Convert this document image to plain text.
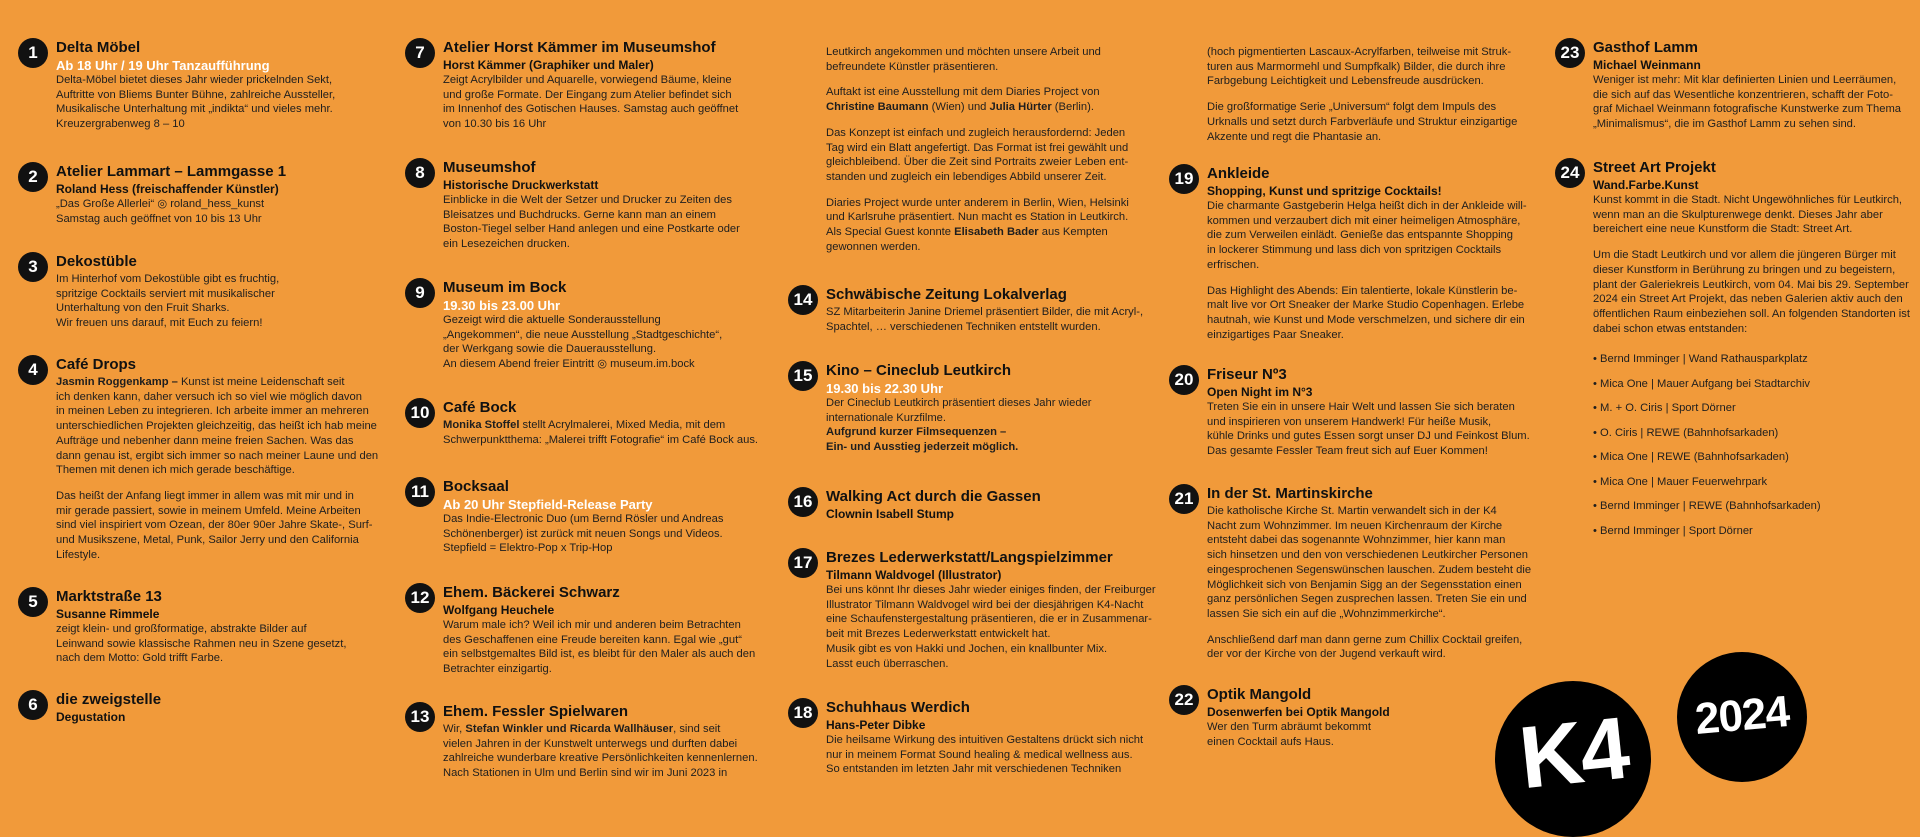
1	Delta Möbel
Ab 18 Uhr / 19 Uhr Tanzaufführung
Delta-Möbel bietet dieses Jahr wieder prickelnden Sekt,
Auftritte von Bliems Bunter Bühne, zahlreiche Aussteller,
Musikalische Unterhaltung mit „indikta“ und vieles mehr.
Kreuzergrabenweg 8 – 10
2	Atelier Lammart – Lammgasse 1
Roland Hess (freischaffender Künstler)
„Das Große Allerlei“ ◎ roland_hess_kunst
Samstag auch geöffnet von 10 bis 13 Uhr
3	Dekostüble
Im Hinterhof vom Dekostüble gibt es fruchtig,
spritzige Cocktails serviert mit musikalischer
Unterhaltung von den Fruit Sharks.
Wir freuen uns darauf, mit Euch zu feiern!
4	Café Drops
Jasmin Roggenkamp – Kunst ist meine Leidenschaft seit
ich denken kann, daher versuch ich so viel wie möglich davon
in meinen Leben zu integrieren. Ich arbeite immer an mehreren
unterschiedlichen Projekten gleichzeitig, das heißt ich hab meine
Aufträge und nebenher dann meine freien Sachen. Was das
dann genau ist, ergibt sich immer so nach meiner Laune und den
Themen mit denen ich mich gerade beschäftige.
Das heißt der Anfang liegt immer in allem was mit mir und in
mir gerade passiert, sowie in meinem Umfeld. Meine Arbeiten
sind viel inspiriert vom Ozean, der 80er 90er Jahre Skate-, Surf-
und Musikszene, Metal, Punk, Sailor Jerry und den California
Lifestyle.
5	Marktstraße 13
Susanne Rimmele
zeigt klein- und großformatige, abstrakte Bilder auf
Leinwand sowie klassische Rahmen neu in Szene gesetzt,
nach dem Motto: Gold trifft Farbe.
6	die zweigstelle
Degustation
7	Atelier Horst Kämmer im Museumshof
Horst Kämmer (Graphiker und Maler)
Zeigt Acrylbilder und Aquarelle, vorwiegend Bäume, kleine
und große Formate. Der Eingang zum Atelier befindet sich
im Innenhof des Gotischen Hauses. Samstag auch geöffnet
von 10.30 bis 16 Uhr
8	Museumshof
Historische Druckwerkstatt
Einblicke in die Welt der Setzer und Drucker zu Zeiten des
Bleisatzes und Buchdrucks. Gerne kann man an einem
Boston-Tiegel selber Hand anlegen und eine Postkarte oder
ein Lesezeichen drucken.
9	Museum im Bock
19.30 bis 23.00 Uhr
Gezeigt wird die aktuelle Sonderausstellung
„Angekommen“, die neue Ausstellung „Stadtgeschichte“,
der Werkgang sowie die Dauerausstellung.
An diesem Abend freier Eintritt ◎ museum.im.bock
10 Café Bock
Monika Stoffel stellt Acrylmalerei, Mixed Media, mit dem
Schwerpunktthema: „Malerei trifft Fotografie“ im Café Bock aus.
11 Bocksaal
Ab 20 Uhr Stepfield-Release Party
Das Indie-Electronic Duo (um Bernd Rösler und Andreas
Schönenberger) ist zurück mit neuen Songs und Videos.
Stepfield = Elektro-Pop x Trip-Hop
12 Ehem. Bäckerei Schwarz
Wolfgang Heuchele
Warum male ich? Weil ich mir und anderen beim Betrachten
des Geschaffenen eine Freude bereiten kann. Egal wie „gut“
ein selbstgemaltes Bild ist, es bleibt für den Maler als auch den
Betrachter einzigartig.
13 Ehem. Fessler Spielwaren
Wir, Stefan Winkler und Ricarda Wallhäuser, sind seit
vielen Jahren in der Kunstwelt unterwegs und durften dabei
zahlreiche wunderbare kreative Persönlichkeiten kennenlernen.
Nach Stationen in Ulm und Berlin sind wir im Juni 2023 in
Leutkirch angekommen und möchten unsere Arbeit und
befreundete Künstler präsentieren.
Auftakt ist eine Ausstellung mit dem Diaries Project von
Christine Baumann (Wien) und Julia Hürter (Berlin).
Das Konzept ist einfach und zugleich herausfordernd: Jeden
Tag wird ein Blatt angefertigt. Das Format ist frei gewählt und
gleichbleibend. Über die Zeit sind Portraits zweier Leben ent-
standen und zugleich ein lebendiges Abbild unserer Zeit.
Diaries Project wurde unter anderem in Berlin, Wien, Helsinki
und Karlsruhe präsentiert. Nun macht es Station in Leutkirch.
Als Special Guest konnte Elisabeth Bader aus Kempten
gewonnen werden.
14 Schwäbische Zeitung Lokalverlag
SZ Mitarbeiterin Janine Driemel präsentiert Bilder, die mit Acryl-,
Spachtel, … verschiedenen Techniken entstellt wurden.
15 Kino – Cineclub Leutkirch
19.30 bis 22.30 Uhr
Der Cineclub Leutkirch präsentiert dieses Jahr wieder
internationale Kurzfilme.
Aufgrund kurzer Filmsequenzen –
Ein- und Ausstieg jederzeit möglich.
16 Walking Act durch die Gassen
Clownin Isabell Stump
17 Brezes Lederwerkstatt/Langspielzimmer
Tilmann Waldvogel (Illustrator)
Bei uns könnt Ihr dieses Jahr wieder einiges finden, der Freiburger
Illustrator Tilmann Waldvogel wird bei der diesjährigen K4-Nacht
eine Schaufenstergestaltung präsentieren, die er in Zusammenar-
beit mit Brezes Lederwerkstatt entwickelt hat.
Musik gibt es von Hakki und Jochen, ein knallbunter Mix.
Lasst euch überraschen.
18 Schuhhaus Werdich
Hans-Peter Dibke
Die heilsame Wirkung des intuitiven Gestaltens drückt sich nicht
nur in meinem Format Sound healing & medical wellness aus.
So entstanden im letzten Jahr mit verschiedenen Techniken
(hoch pigmentierten Lascaux-Acrylfarben, teilweise mit Struk-
turen aus Marmormehl und Sumpfkalk) Bilder, die durch ihre
Farbgebung Leichtigkeit und Lebensfreude ausdrücken.
Die großformatige Serie „Universum“ folgt dem Impuls des
Urknalls und setzt durch Farbverläufe und Struktur einzigartige
Akzente und regt die Phantasie an.
19 Ankleide
Shopping, Kunst und spritzige Cocktails!
Die charmante Gastgeberin Helga heißt dich in der Ankleide will-
kommen und verzaubert dich mit einer heimeligen Atmosphäre,
die zum Verweilen einlädt. Genieße das entspannte Shopping
in lockerer Stimmung und lass dich von spritzigen Cocktails
erfrischen.
Das Highlight des Abends: Ein talentierte, lokale Künstlerin be-
malt live vor Ort Sneaker der Marke Studio Copenhagen. Erlebe
hautnah, wie Kunst und Mode verschmelzen, und sichere dir ein
einzigartiges Paar Sneaker.
20 Friseur Nº3
Open Night im N°3
Treten Sie ein in unsere Hair Welt und lassen Sie sich beraten
und inspirieren von unserem Handwerk! Für heiße Musik,
kühle Drinks und gutes Essen sorgt unser DJ und Feinkost Blum.
Das gesamte Fessler Team freut sich auf Euer Kommen!
21 In der St. Martinskirche
Die katholische Kirche St. Martin verwandelt sich in der K4
Nacht zum Wohnzimmer. Im neuen Kirchenraum der Kirche
entsteht dabei das sogenannte Wohnzimmer, hier kann man
sich hinsetzen und den von verschiedenen Leutkircher Personen
eingesprochenen Segenswünschen lauschen. Zudem besteht die
Möglichkeit sich von Benjamin Sigg an der Segensstation einen
ganz persönlichen Segen zusprechen lassen. Treten Sie ein und
lassen Sie sich ein auf die „Wohnzimmerkirche“.
Anschließend darf man dann gerne zum Chillix Cocktail greifen,
der vor der Kirche von der Jugend verkauft wird.
22 Optik Mangold
Dosenwerfen bei Optik Mangold
Wer den Turm abräumt bekommt
einen Cocktail aufs Haus.
23 Gasthof Lamm
Michael Weinmann
Weniger ist mehr: Mit klar definierten Linien und Leerräumen,
die sich auf das Wesentliche konzentrieren, schafft der Foto-
graf Michael Weinmann fotografische Kunstwerke zum Thema
„Minimalismus“, die im Gasthof Lamm zu sehen sind.
24 Street Art Projekt
Wand.Farbe.Kunst
Kunst kommt in die Stadt. Nicht Ungewöhnliches für Leutkirch,
wenn man an die Skulpturenwege denkt. Dieses Jahr aber
bereichert eine neue Kunstform die Stadt: Street Art.
Um die Stadt Leutkirch und vor allem die jüngeren Bürger mit
dieser Kunstform in Berührung zu bringen und zu begeistern,
plant der Galeriekreis Leutkirch, vom 04. Mai bis 29. September
2024 ein Street Art Projekt, das neben Galerien aktiv auch den
öffentlichen Raum einbeziehen soll. An folgenden Standorten ist
dabei schon etwas entstanden:
• Bernd Imminger | Wand Rathausparkplatz
• Mica One | Mauer Aufgang bei Stadtarchiv
• M. + O. Ciris | Sport Dörner
• O. Ciris | REWE (Bahnhofsarkaden)
• Mica One | REWE (Bahnhofsarkaden)
• Mica One | Mauer Feuerwehrpark
• Bernd Imminger | REWE (Bahnhofsarkaden)
• Bernd Imminger | Sport Dörner
K4	2024
